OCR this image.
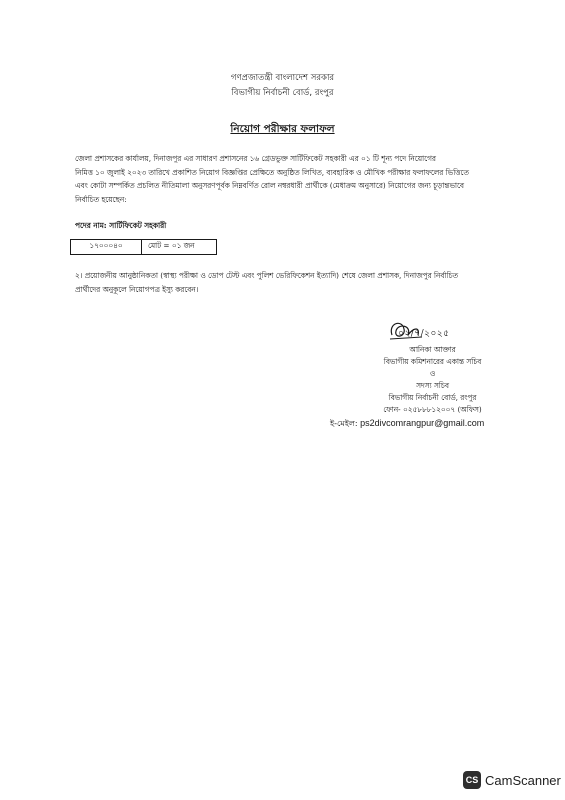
গণপ্রজাতন্ত্রী বাংলাদেশ সরকার
বিভাগীয় নির্বাচনী বোর্ড, রংপুর
নিয়োগ পরীক্ষার ফলাফল
জেলা প্রশাসকের কার্যালয়, দিনাজপুর এর সাধারণ প্রশাসনের ১৬ গ্রেডভুক্ত সার্টিফিকেট সহকারী এর ০১ টি শূন্য পদে নিয়োগের
নিমিত্ত ১০ জুলাই ২০২৩ তারিখে প্রকাশিত নিয়োগ বিজ্ঞপ্তির প্রেক্ষিতে অনুষ্ঠিত লিখিত, ব্যবহারিক ও মৌখিক পরীক্ষার ফলাফলের ভিত্তিতে
এবং কোটা সম্পর্কিত প্রচলিত নীতিমালা অনুসরণপূর্বক নিম্নবর্ণিত রোল নম্বরধারী প্রার্থীকে (মেধাক্রম অনুসারে) নিয়োগের জন্য চূড়ান্তভাবে
নির্বাচিত হয়েছেন:
পদের নাম: সার্টিফিকেট সহকারী
১৭০০০৪০	মোট = ০১ জন
২। প্রয়োজনীয় আনুষ্ঠানিকতা (স্বাস্থ্য পরীক্ষা ও ডোপ টেস্ট এবং পুলিশ ভেরিফিকেশন ইত্যাদি) শেষে জেলা প্রশাসক, দিনাজপুর নির্বাচিত
প্রার্থীদের অনুকূলে নিয়োগপত্র ইস্যু করবেন।
০২/৭/২০২৫
আনিকা আক্তার
বিভাগীয় কমিশনারের একান্ত সচিব
ও
সদস্য সচিব
বিভাগীয় নির্বাচনী বোর্ড, রংপুর
ফোন- ০২৫৮৮৮১২০০৭ (অফিস)
ই-মেইল: ps2divcomrangpur@gmail.com
CS CamScanner
